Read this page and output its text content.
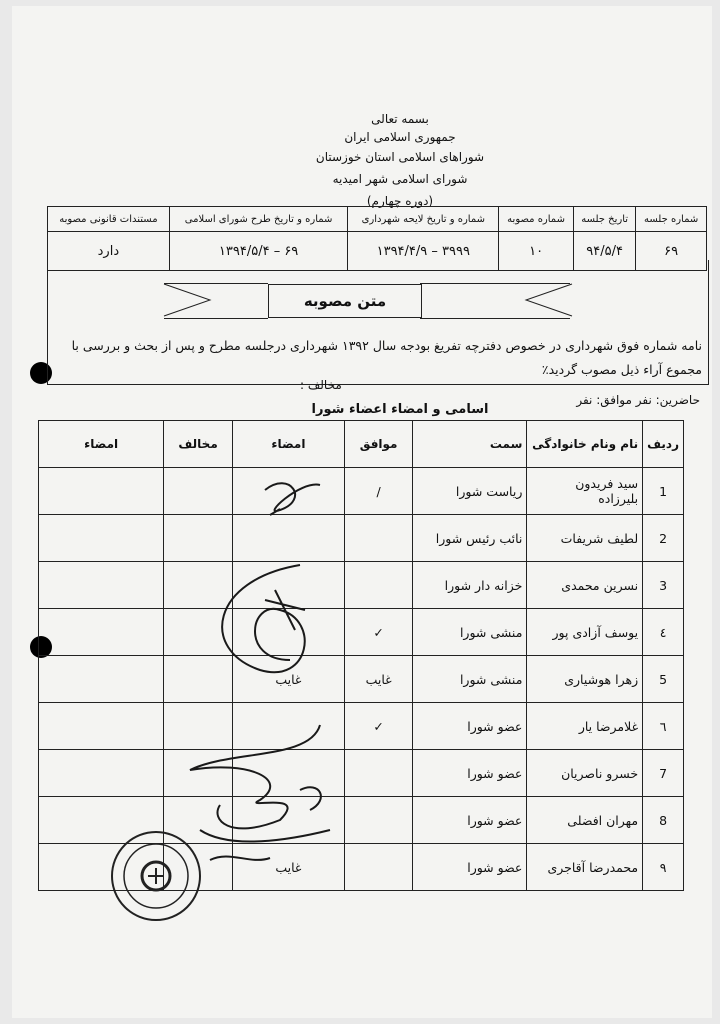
بسمه تعالی
جمهوری اسلامی ایران
شوراهای اسلامی استان خوزستان
شورای اسلامی شهر امیدیه
(دوره چهارم)
شماره جلسه	تاریخ جلسه	شماره مصوبه	شماره و تاریخ لایحه شهرداری	شماره و تاریخ طرح شورای اسلامی	مستندات قانونی مصوبه
۶۹	۹۴/۵/۴	۱۰	۳۹۹۹ – ۱۳۹۴/۴/۹	۶۹ – ۱۳۹۴/۵/۴	دارد
متن مصوبه
نامه شماره فوق شهرداری در خصوص دفترچه تفریغ بودجه سال ۱۳۹۲ شهرداری درجلسه مطرح و پس از بحث و بررسی با
مجموع آراء ذیل مصوب گردید٪
مخالف :
حاضرین: نفر موافق: نفر
اسامی و امضاء اعضاء شورا
ردیف	نام ونام خانوادگی	سمت	موافق	امضاء	مخالف	امضاء
1	سید فریدون بلیرزاده	ریاست شورا	/			
2	لطیف شریفات	نائب رئیس شورا				
3	نسرین محمدی	خزانه دار شورا				
٤	یوسف آزادی پور	منشی شورا	✓			
5	زهرا هوشیاری	منشی شورا	غایب	غایب		
٦	غلامرضا یار	عضو شورا	✓			
7	خسرو ناصریان	عضو شورا				
8	مهران افضلی	عضو شورا				
٩	محمدرضا آقاجری	عضو شورا		غایب		
